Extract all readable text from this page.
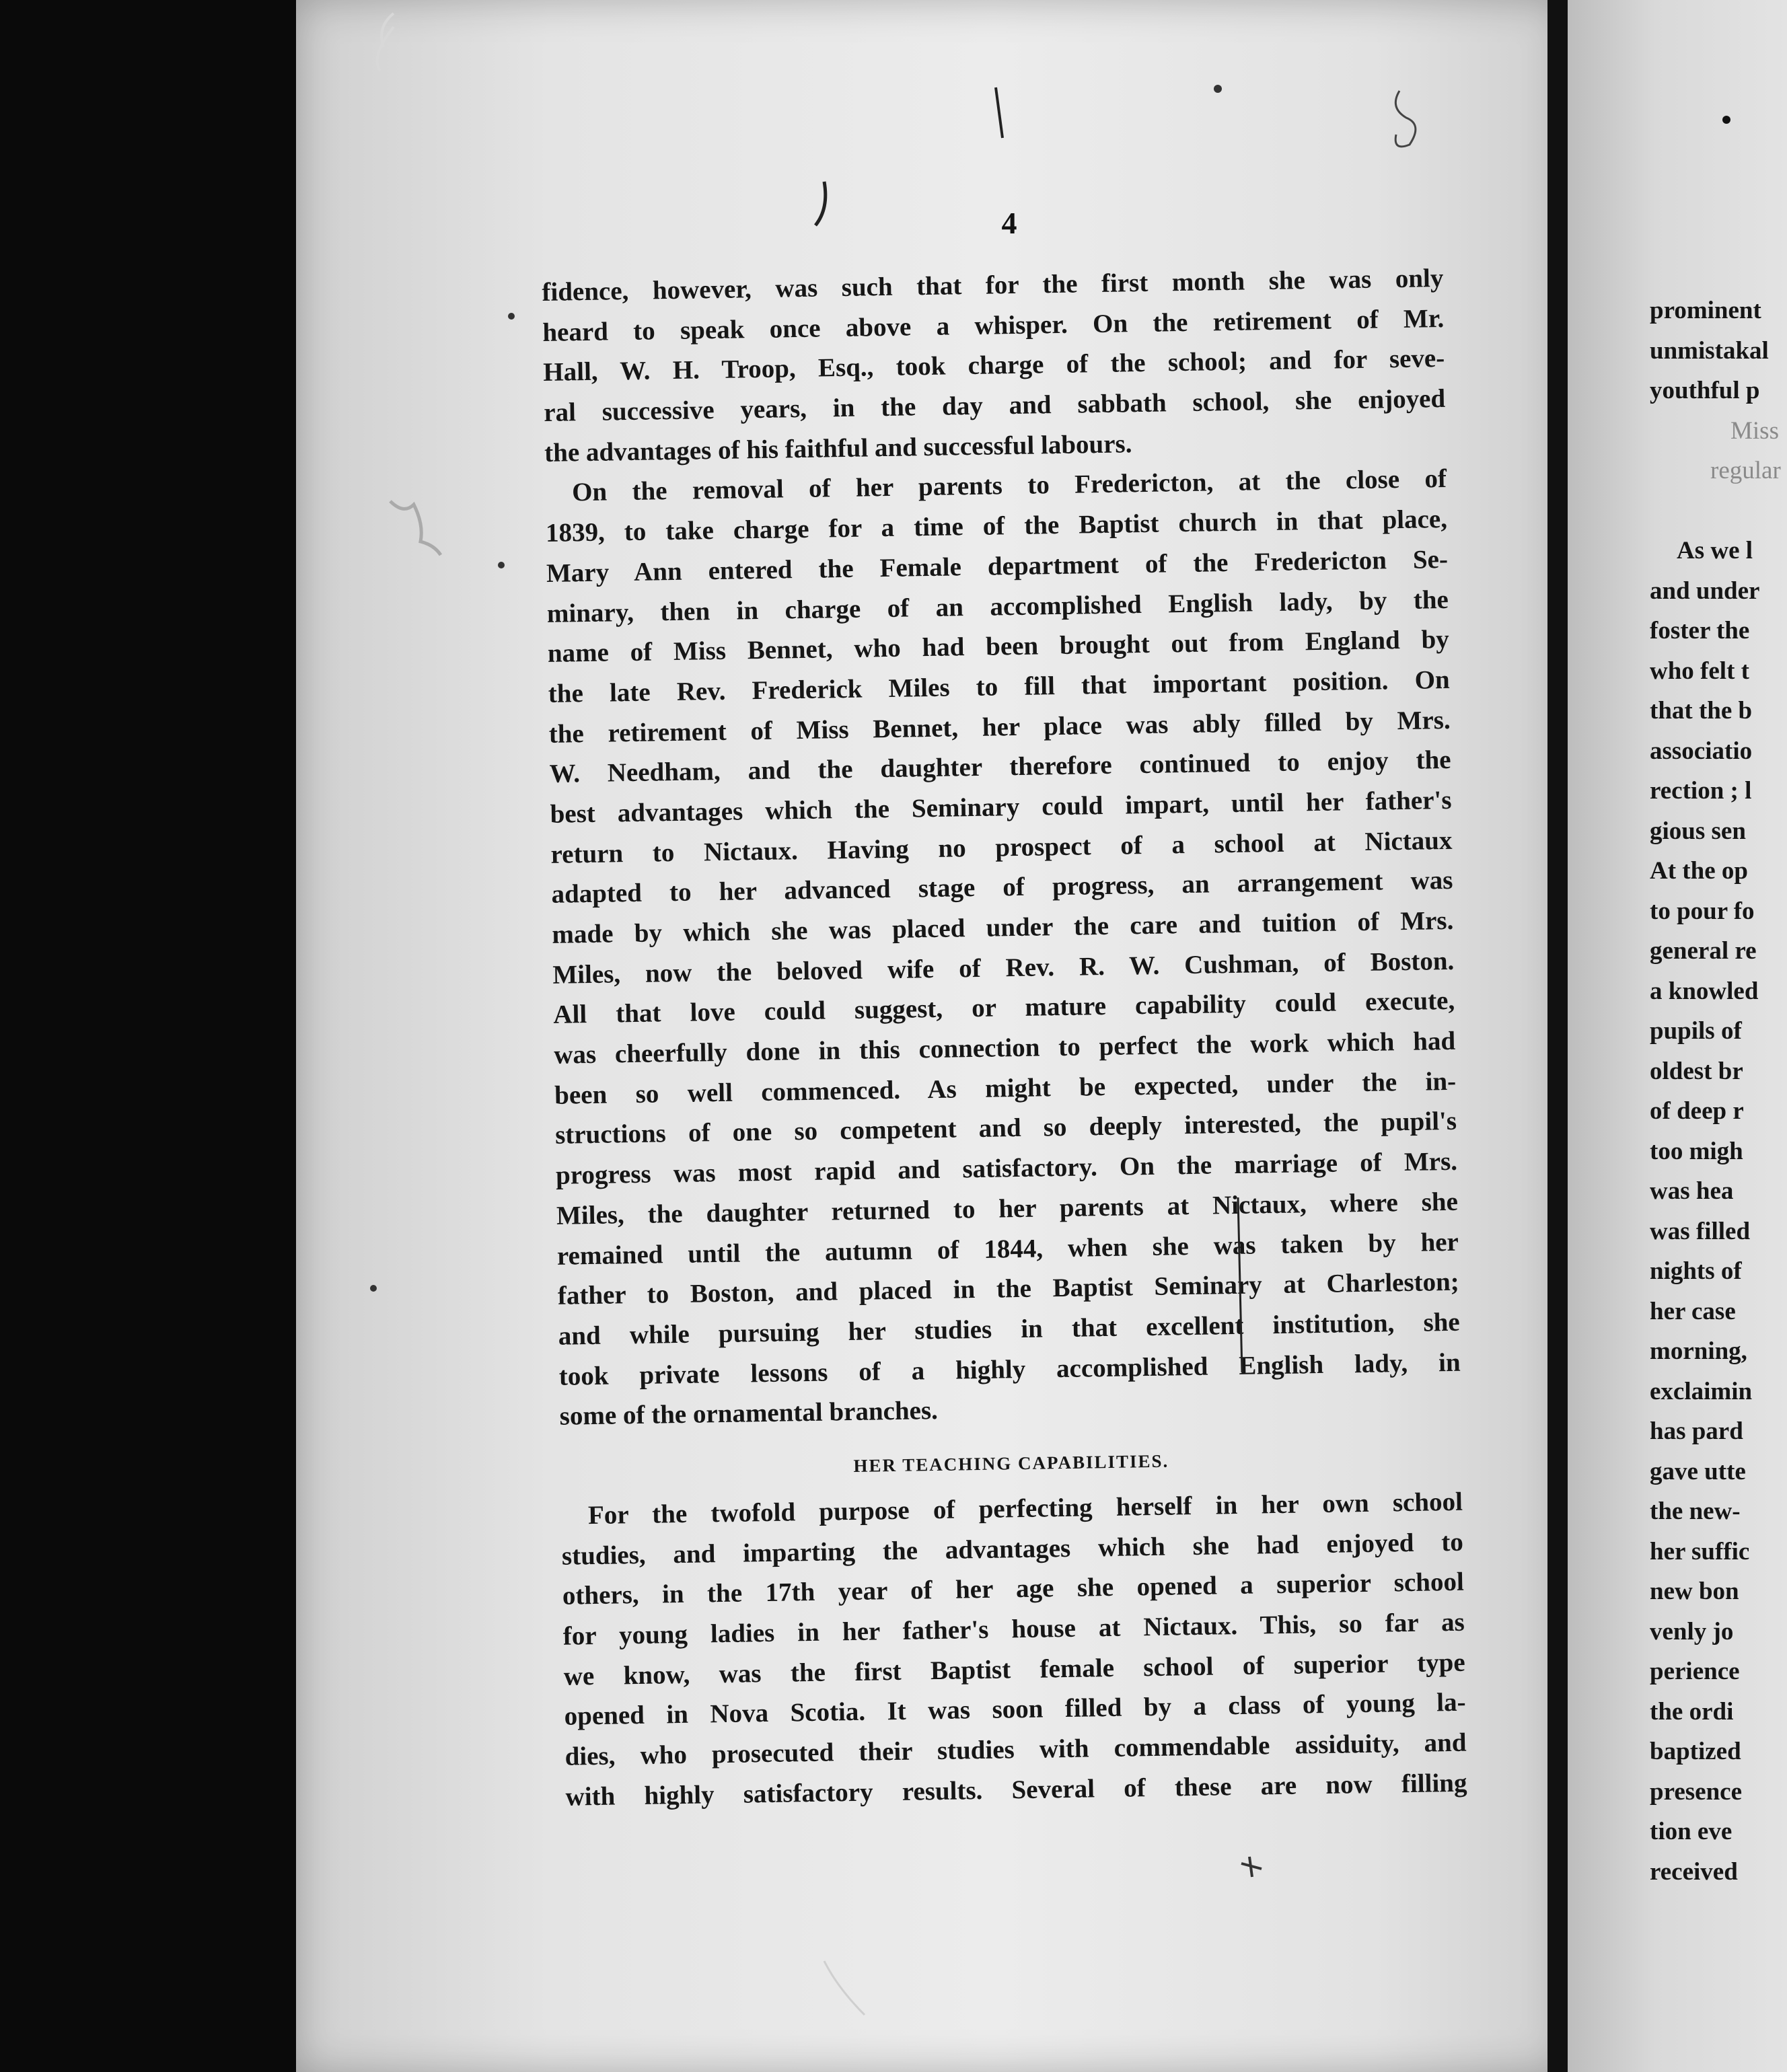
4
fidence, however, was such that for the first month she was only
heard to speak once above a whisper. On the retirement of Mr.
Hall, W. H. Troop, Esq., took charge of the school; and for seve-
ral successive years, in the day and sabbath school, she enjoyed
the advantages of his faithful and successful labours.
On the removal of her parents to Fredericton, at the close of
1839, to take charge for a time of the Baptist church in that place,
Mary Ann entered the Female department of the Fredericton Se-
minary, then in charge of an accomplished English lady, by the
name of Miss Bennet, who had been brought out from England by
the late Rev. Frederick Miles to fill that important position. On
the retirement of Miss Bennet, her place was ably filled by Mrs.
W. Needham, and the daughter therefore continued to enjoy the
best advantages which the Seminary could impart, until her father's
return to Nictaux. Having no prospect of a school at Nictaux
adapted to her advanced stage of progress, an arrangement was
made by which she was placed under the care and tuition of Mrs.
Miles, now the beloved wife of Rev. R. W. Cushman, of Boston.
All that love could suggest, or mature capability could execute,
was cheerfully done in this connection to perfect the work which had
been so well commenced. As might be expected, under the in-
structions of one so competent and so deeply interested, the pupil's
progress was most rapid and satisfactory. On the marriage of Mrs.
Miles, the daughter returned to her parents at Nictaux, where she
remained until the autumn of 1844, when she was taken by her
father to Boston, and placed in the Baptist Seminary at Charleston;
and while pursuing her studies in that excellent institution, she
took private lessons of a highly accomplished English lady, in
some of the ornamental branches.
HER TEACHING CAPABILITIES.
For the twofold purpose of perfecting herself in her own school
studies, and imparting the advantages which she had enjoyed to
others, in the 17th year of her age she opened a superior school
for young ladies in her father's house at Nictaux. This, so far as
we know, was the first Baptist female school of superior type
opened in Nova Scotia. It was soon filled by a class of young la-
dies, who prosecuted their studies with commendable assiduity, and
with highly satisfactory results. Several of these are now filling
prominent
unmistakal
youthful p
Miss
regular
As we l
and under
foster the
who felt t
that the b
associatio
rection ; l
gious sen
At the op
to pour fo
general re
a knowled
pupils of
oldest br
of deep r
too migh
was hea
was filled
nights of
her case
morning,
exclaimin
has pard
gave utte
the new-
her suffic
new bon
venly jo
perience
the ordi
baptized
presence
tion eve
received
